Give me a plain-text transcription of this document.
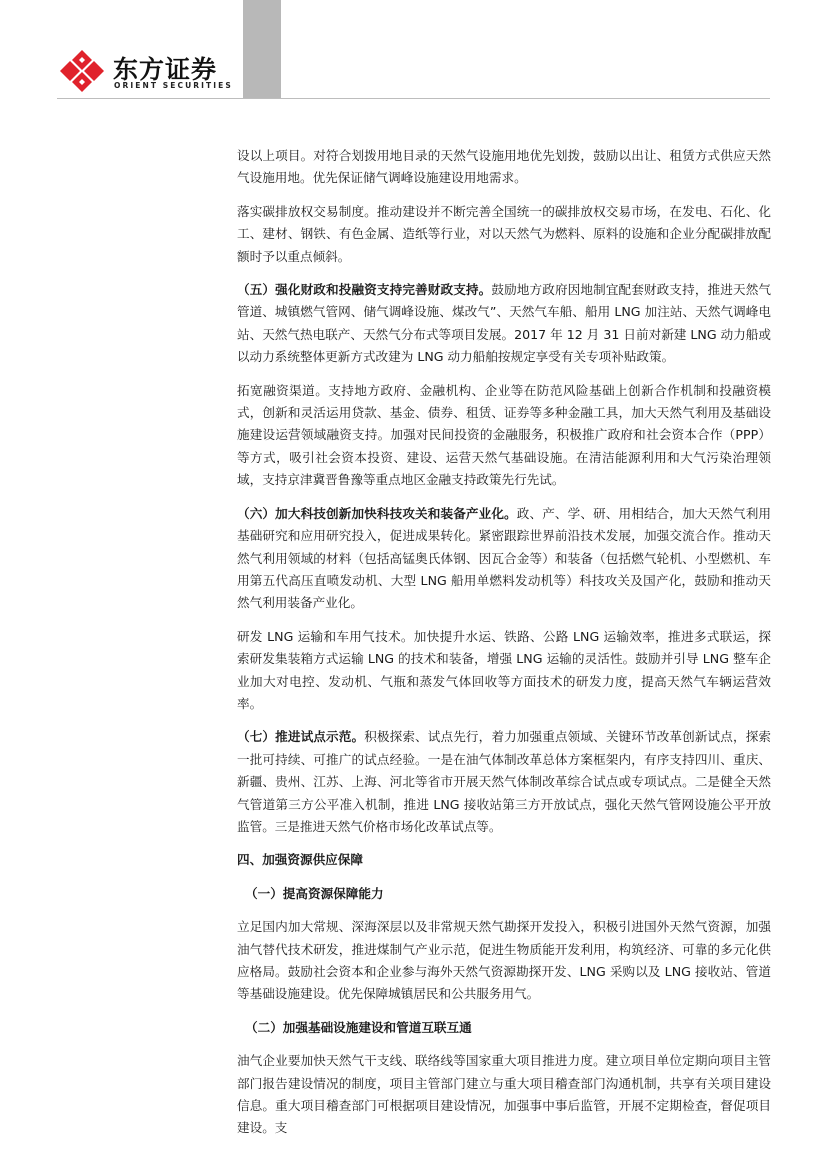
东方证券
ORIENT SECURITIES

设以上项目。对符合划拨用地目录的天然气设施用地优先划拨，鼓励以出让、租赁方式供应天然气设施用地。优先保证储气调峰设施建设用地需求。

落实碳排放权交易制度。推动建设并不断完善全国统一的碳排放权交易市场，在发电、石化、化工、建材、钢铁、有色金属、造纸等行业，对以天然气为燃料、原料的设施和企业分配碳排放配额时予以重点倾斜。

（五）强化财政和投融资支持完善财政支持。鼓励地方政府因地制宜配套财政支持，推进天然气管道、城镇燃气管网、储气调峰设施、煤改气”、天然气车船、船用 LNG 加注站、天然气调峰电站、天然气热电联产、天然气分布式等项目发展。2017 年 12 月 31 日前对新建 LNG 动力船或以动力系统整体更新方式改建为 LNG 动力船舶按规定享受有关专项补贴政策。

拓宽融资渠道。支持地方政府、金融机构、企业等在防范风险基础上创新合作机制和投融资模式，创新和灵活运用贷款、基金、债券、租赁、证券等多种金融工具，加大天然气利用及基础设施建设运营领域融资支持。加强对民间投资的金融服务，积极推广政府和社会资本合作（PPP）等方式，吸引社会资本投资、建设、运营天然气基础设施。在清洁能源利用和大气污染治理领域，支持京津冀晋鲁豫等重点地区金融支持政策先行先试。

（六）加大科技创新加快科技攻关和装备产业化。政、产、学、研、用相结合，加大天然气利用基础研究和应用研究投入，促进成果转化。紧密跟踪世界前沿技术发展，加强交流合作。推动天然气利用领域的材料（包括高锰奥氏体钢、因瓦合金等）和装备（包括燃气轮机、小型燃机、车用第五代高压直喷发动机、大型 LNG 船用单燃料发动机等）科技攻关及国产化，鼓励和推动天然气利用装备产业化。

研发 LNG 运输和车用气技术。加快提升水运、铁路、公路 LNG 运输效率，推进多式联运，探索研发集装箱方式运输 LNG 的技术和装备，增强 LNG 运输的灵活性。鼓励并引导 LNG 整车企业加大对电控、发动机、气瓶和蒸发气体回收等方面技术的研发力度，提高天然气车辆运营效率。

（七）推进试点示范。积极探索、试点先行，着力加强重点领域、关键环节改革创新试点，探索一批可持续、可推广的试点经验。一是在油气体制改革总体方案框架内，有序支持四川、重庆、新疆、贵州、江苏、上海、河北等省市开展天然气体制改革综合试点或专项试点。二是健全天然气管道第三方公平准入机制，推进 LNG 接收站第三方开放试点，强化天然气管网设施公平开放监管。三是推进天然气价格市场化改革试点等。

四、加强资源供应保障
（一）提高资源保障能力

立足国内加大常规、深海深层以及非常规天然气勘探开发投入，积极引进国外天然气资源，加强油气替代技术研发，推进煤制气产业示范，促进生物质能开发利用，构筑经济、可靠的多元化供应格局。鼓励社会资本和企业参与海外天然气资源勘探开发、LNG 采购以及 LNG 接收站、管道等基础设施建设。优先保障城镇居民和公共服务用气。

（二）加强基础设施建设和管道互联互通

油气企业要加快天然气干支线、联络线等国家重大项目推进力度。建立项目单位定期向项目主管部门报告建设情况的制度，项目主管部门建立与重大项目稽查部门沟通机制，共享有关项目建设信息。重大项目稽查部门可根据项目建设情况，加强事中事后监管，开展不定期检查，督促项目建设。支
